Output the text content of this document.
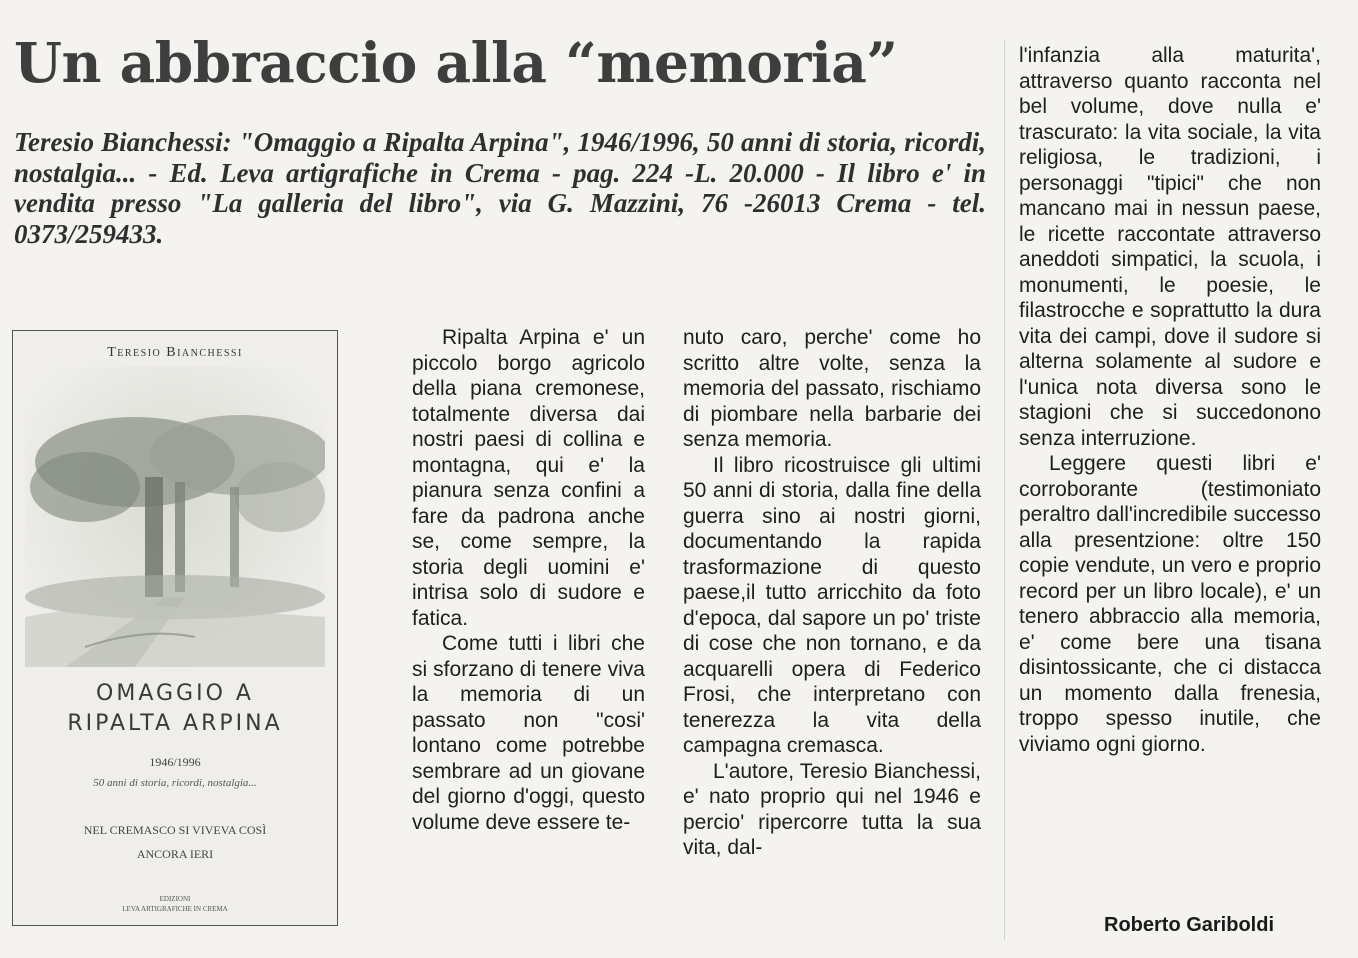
Un abbraccio alla “memoria”
Teresio Bianchessi: "Omaggio a Ripalta Arpina", 1946/1996, 50 anni di storia, ricordi, nostalgia... - Ed. Leva artigrafiche in Crema - pag. 224 -L. 20.000 - Il libro e' in vendita presso "La galleria del libro", via G. Mazzini, 76 -26013 Crema - tel. 0373/259433.
Teresio Bianchessi
OMAGGIO A
RIPALTA ARPINA
1946/1996
50 anni di storia, ricordi, nostalgia...
NEL CREMASCO SI VIVEVA COSÌ
ANCORA IERI
EDIZIONI
LEVA ARTIGRAFICHE IN CREMA

Ripalta Arpina e' un piccolo borgo agricolo della piana cremonese, totalmente diversa dai nostri paesi di collina e montagna, qui e' la pianura senza confini a fare da padrona anche se, come sempre, la storia degli uomini e' intrisa solo di sudore e fatica.

Come tutti i libri che si sforzano di tenere viva la memoria di un passato non "cosi' lontano come potrebbe sembrare ad un giovane del giorno d'oggi, questo volume deve essere te-

nuto caro, perche' come ho scritto altre volte, senza la memoria del passato, rischiamo di piombare nella barbarie dei senza memoria.

Il libro ricostruisce gli ultimi 50 anni di storia, dalla fine della guerra sino ai nostri giorni, documentando la rapida trasformazione di questo paese,il tutto arricchito da foto d'epoca, dal sapore un po' triste di cose che non tornano, e da acquarelli opera di Federico Frosi, che interpretano con tenerezza la vita della campagna cremasca.

L'autore, Teresio Bianchessi, e' nato proprio qui nel 1946 e percio' ripercorre tutta la sua vita, dal-

l'infanzia alla maturita', attraverso quanto racconta nel bel volume, dove nulla e' trascurato: la vita sociale, la vita religiosa, le tradizioni, i personaggi "tipici" che non mancano mai in nessun paese, le ricette raccontate attraverso aneddoti simpatici, la scuola, i monumenti, le poesie, le filastrocche e soprattutto la dura vita dei campi, dove il sudore si alterna solamente al sudore e l'unica nota diversa sono le stagioni che si succedonono senza interruzione.

Leggere questi libri e' corroborante (testimoniato peraltro dall'incredibile successo alla presentzione: oltre 150 copie vendute, un vero e proprio record per un libro locale), e' un tenero abbraccio alla memoria, e' come bere una tisana disintossicante, che ci distacca un momento dalla frenesia, troppo spesso inutile, che viviamo ogni giorno.

Roberto Gariboldi
